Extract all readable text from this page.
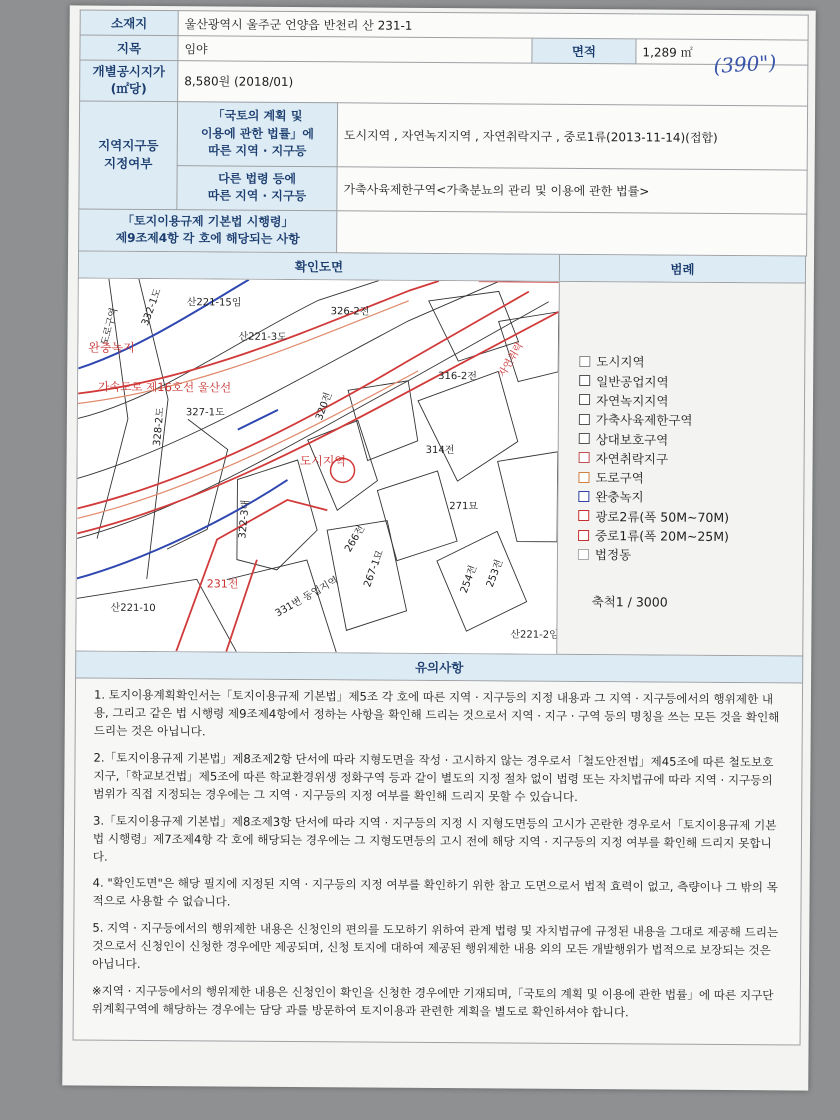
소재지	울산광역시 울주군 언양읍 반천리 산 231-1			
지목	임야		면적	1,289 ㎡
개별공시지가
(㎡당)	8,580원 (2018/01)			
지역지구등
지정여부	「국토의 계획 및
이용에 관한 법률」에
따른 지역 · 지구등	도시지역 , 자연녹지지역 , 자연취락지구 , 중로1류(2013-11-14)(접합)		
	다른 법령 등에
따른 지역 · 지구등	가축사육제한구역<가축분뇨의 관리 및 이용에 관한 법률>		
「토지이용규제 기본법 시행령」
제9조제4항 각 호에 해당되는 사항				
확인도면	범례
332-1도 산221-15임
326-2전
산221-3도
도로구역
완충녹지
가속도로 제16호선 울산선
327-1도
328-2도
320전
314전
도시지역
322-3대	271묘
266전
267-1묘	254전 253전
331변 동업지역
231전
산221-10
산221-2임
316-2전	자연취락	도시지역
일반공업지역
자연녹지지역
가축사육제한구역
상대보호구역
자연취락지구
도로구역
완충녹지
광로2류(폭 50M~70M)
중로1류(폭 20M~25M)
법정동
축척1 / 3000
유의사항

1. 토지이용계획확인서는「토지이용규제 기본법」제5조 각 호에 따른 지역 · 지구등의 지정 내용과 그 지역 · 지구등에서의 행위제한 내용, 그리고 같은 법 시행령 제9조제4항에서 정하는 사항을 확인해 드리는 것으로서 지역 · 지구 · 구역 등의 명칭을 쓰는 모든 것을 확인해 드리는 것은 아닙니다.

2.「토지이용규제 기본법」제8조제2항 단서에 따라 지형도면을 작성 · 고시하지 않는 경우로서「철도안전법」제45조에 따른 철도보호지구,「학교보건법」제5조에 따른 학교환경위생 정화구역 등과 같이 별도의 지정 절차 없이 법령 또는 자치법규에 따라 지역 · 지구등의 범위가 직접 지정되는 경우에는 그 지역 · 지구등의 지정 여부를 확인해 드리지 못할 수 있습니다.

3.「토지이용규제 기본법」제8조제3항 단서에 따라 지역 · 지구등의 지정 시 지형도면등의 고시가 곤란한 경우로서「토지이용규제 기본법 시행령」제7조제4항 각 호에 해당되는 경우에는 그 지형도면등의 고시 전에 해당 지역 · 지구등의 지정 여부를 확인해 드리지 못합니다.

4. "확인도면"은 해당 필지에 지정된 지역 · 지구등의 지정 여부를 확인하기 위한 참고 도면으로서 법적 효력이 없고, 측량이나 그 밖의 목적으로 사용할 수 없습니다.

5. 지역 · 지구등에서의 행위제한 내용은 신청인의 편의를 도모하기 위하여 관계 법령 및 자치법규에 규정된 내용을 그대로 제공해 드리는 것으로서 신청인이 신청한 경우에만 제공되며, 신청 토지에 대하여 제공된 행위제한 내용 외의 모든 개발행위가 법적으로 보장되는 것은 아닙니다.

※지역 · 지구등에서의 행위제한 내용은 신청인이 확인을 신청한 경우에만 기재되며,「국토의 계획 및 이용에 관한 법률」에 따른 지구단위계획구역에 해당하는 경우에는 담당 과를 방문하여 토지이용과 관련한 계획을 별도로 확인하셔야 합니다.

(390")
